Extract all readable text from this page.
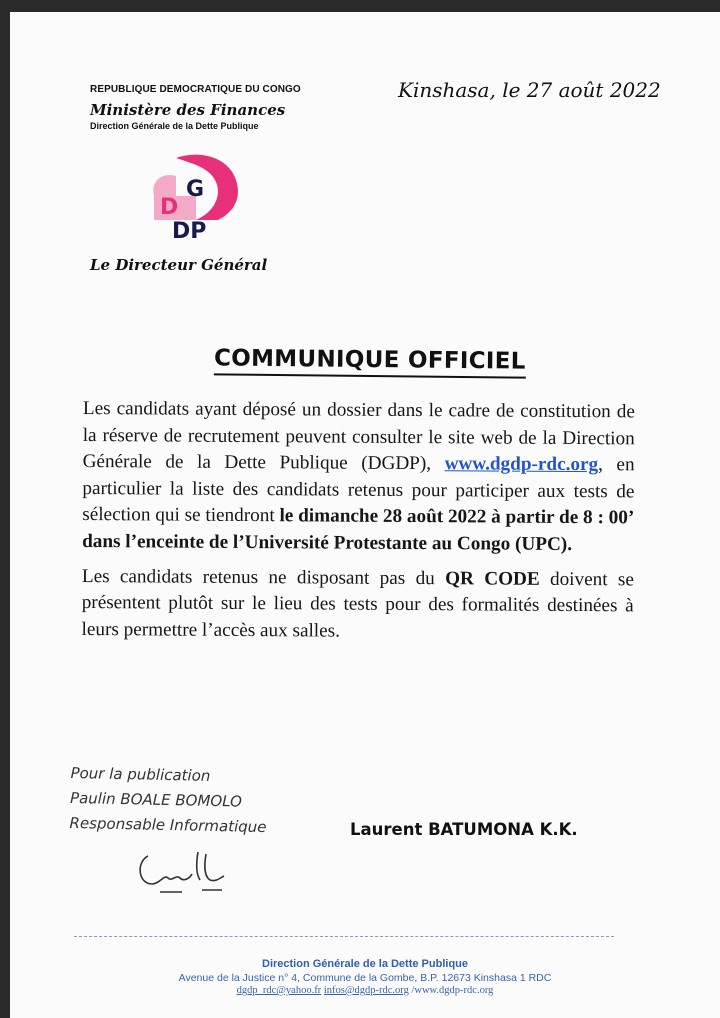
REPUBLIQUE DEMOCRATIQUE DU CONGO
Ministère des Finances
Direction Générale de la Dette Publique
Kinshasa, le 27 août 2022
D
G
DP
Le Directeur Général
COMMUNIQUE OFFICIEL

Les candidats ayant déposé un dossier dans le cadre de constitution de la réserve de recrutement peuvent consulter le site web de la Direction Générale de la Dette Publique (DGDP), www.dgdp-rdc.org, en particulier la liste des candidats retenus pour participer aux tests de sélection qui se tiendront le dimanche 28 août 2022 à partir de 8 : 00’ dans l’enceinte de l’Université Protestante au Congo (UPC).

Les candidats retenus ne disposant pas du QR CODE doivent se présentent plutôt sur le lieu des tests pour des formalités destinées à leurs permettre l’accès aux salles.

Pour la publication
Paulin BOALE BOMOLO
Responsable Informatique	Laurent BATUMONA K.K.
Direction Générale de la Dette Publique
Avenue de la Justice n° 4, Commune de la Gombe, B.P. 12673 Kinshasa 1 RDC
dgdp_rdc@yahoo.fr infos@dgdp-rdc.org /www.dgdp-rdc.org
